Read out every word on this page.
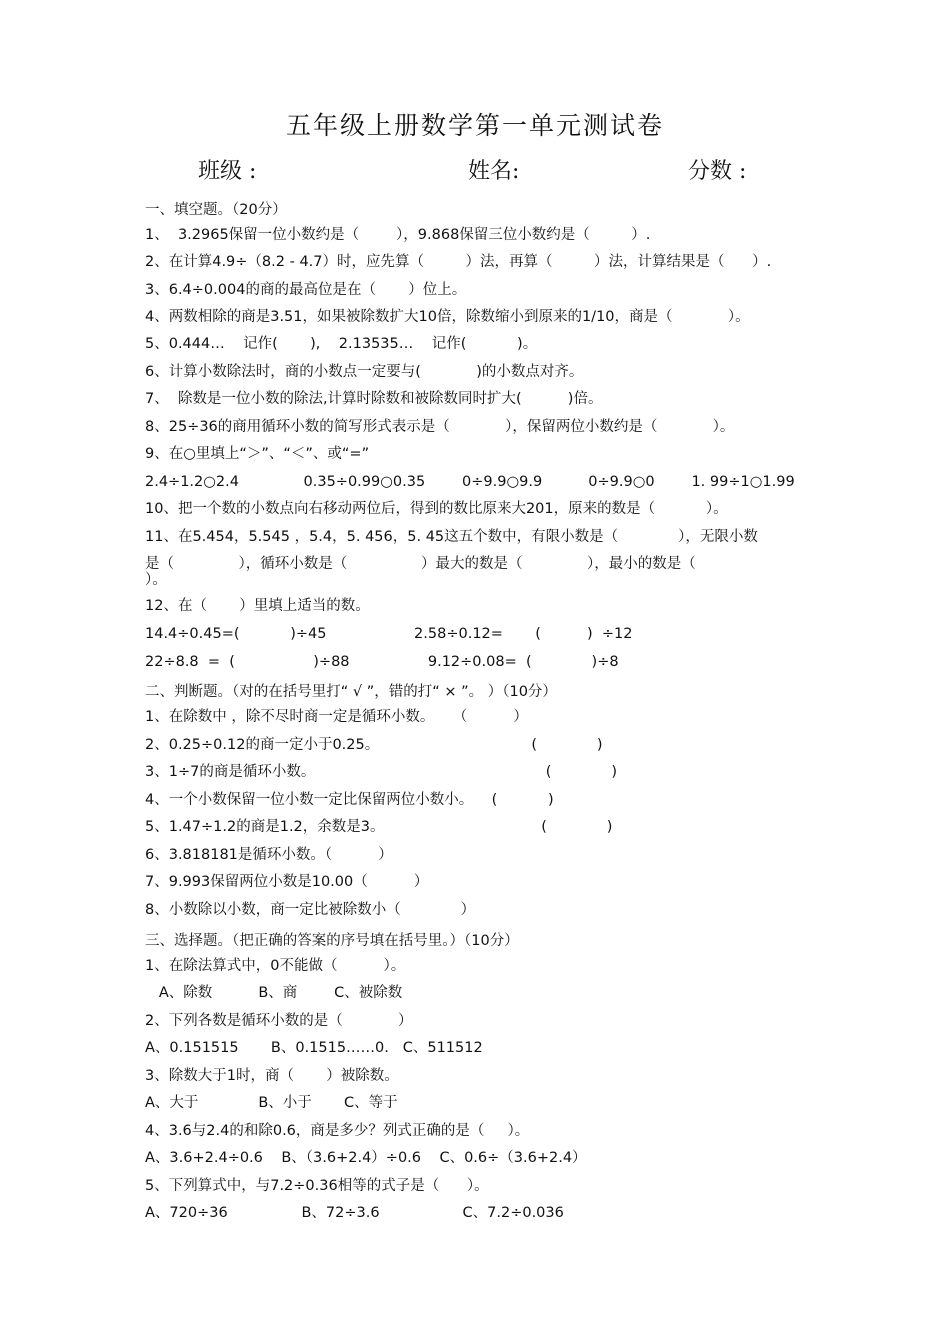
五年级上册数学第一单元测试卷
班级 :	姓名:	分数 :
一、填空题。（20分）
1、  3.2965保留一位小数约是（        ），9.868保留三位小数约是（         ）.
2、在计算4.9÷（8.2 - 4.7）时，应先算（         ）法，再算（         ）法，计算结果是（      ）.
3、6.4÷0.004的商的最高位是在（       ）位上。
4、两数相除的商是3.51，如果被除数扩大10倍，除数缩小到原来的1/10，商是（            ）。
5、0.444…    记作(       ),    2.13535…    记作(           )。
6、计算小数除法时，商的小数点一定要与(            )的小数点对齐。
7、  除数是一位小数的除法,计算时除数和被除数同时扩大(          )倍。
8、25÷36的商用循环小数的简写形式表示是（            ），保留两位小数约是（            ）。
9、在○里填上“＞”、“＜”、或“=”
2.4÷1.2○2.4              0.35÷0.99○0.35        0÷9.9○9.9          0÷9.9○0        1. 99÷1○1.99
10、把一个数的小数点向右移动两位后，得到的数比原来大201，原来的数是（           ）。
11、在5.454，5.545 ，5.4，5. 456，5. 45这五个数中，有限小数是（             ），无限小数
是（              ），循环小数是（                ）最大的数是（              ），最小的数是（
）。
12、在（       ）里填上适当的数。
14.4÷0.45=(           )÷45                   2.58÷0.12=       (          )  ÷12
22÷8.8  =  (                 )÷88                 9.12÷0.08=  (             )÷8
二、判断题。（对的在括号里打“ √ ”，错的打“ × ”。 ）（10分）
1、在除数中 ，除不尽时商一定是循环小数。    （          ）
2、0.25÷0.12的商一定小于0.25。                                 (             )
3、1÷7的商是循环小数。                                                  (             )
4、一个小数保留一位小数一定比保留两位小数小。    (           )
5、1.47÷1.2的商是1.2，余数是3。                                  (             )
6、3.818181是循环小数。（          ）
7、9.993保留两位小数是10.00（          ）
8、小数除以小数，商一定比被除数小（             ）
三、选择题。（把正确的答案的序号填在括号里。）（10分）
1、在除法算式中，0不能做（          ）。
A、除数          B、商        C、被除数
2、下列各数是循环小数的是（            ）
A、0.151515       B、0.1515……0.   C、511512
3、除数大于1时，商（       ）被除数。
A、大于             B、小于       C、等于
4、3.6与2.4的和除0.6，商是多少？列式正确的是（     ）。
A、3.6+2.4÷0.6    B、（3.6+2.4）÷0.6    C、0.6÷（3.6+2.4）
5、下列算式中，与7.2÷0.36相等的式子是（      ）。
A、720÷36                B、72÷3.6                  C、7.2÷0.036
